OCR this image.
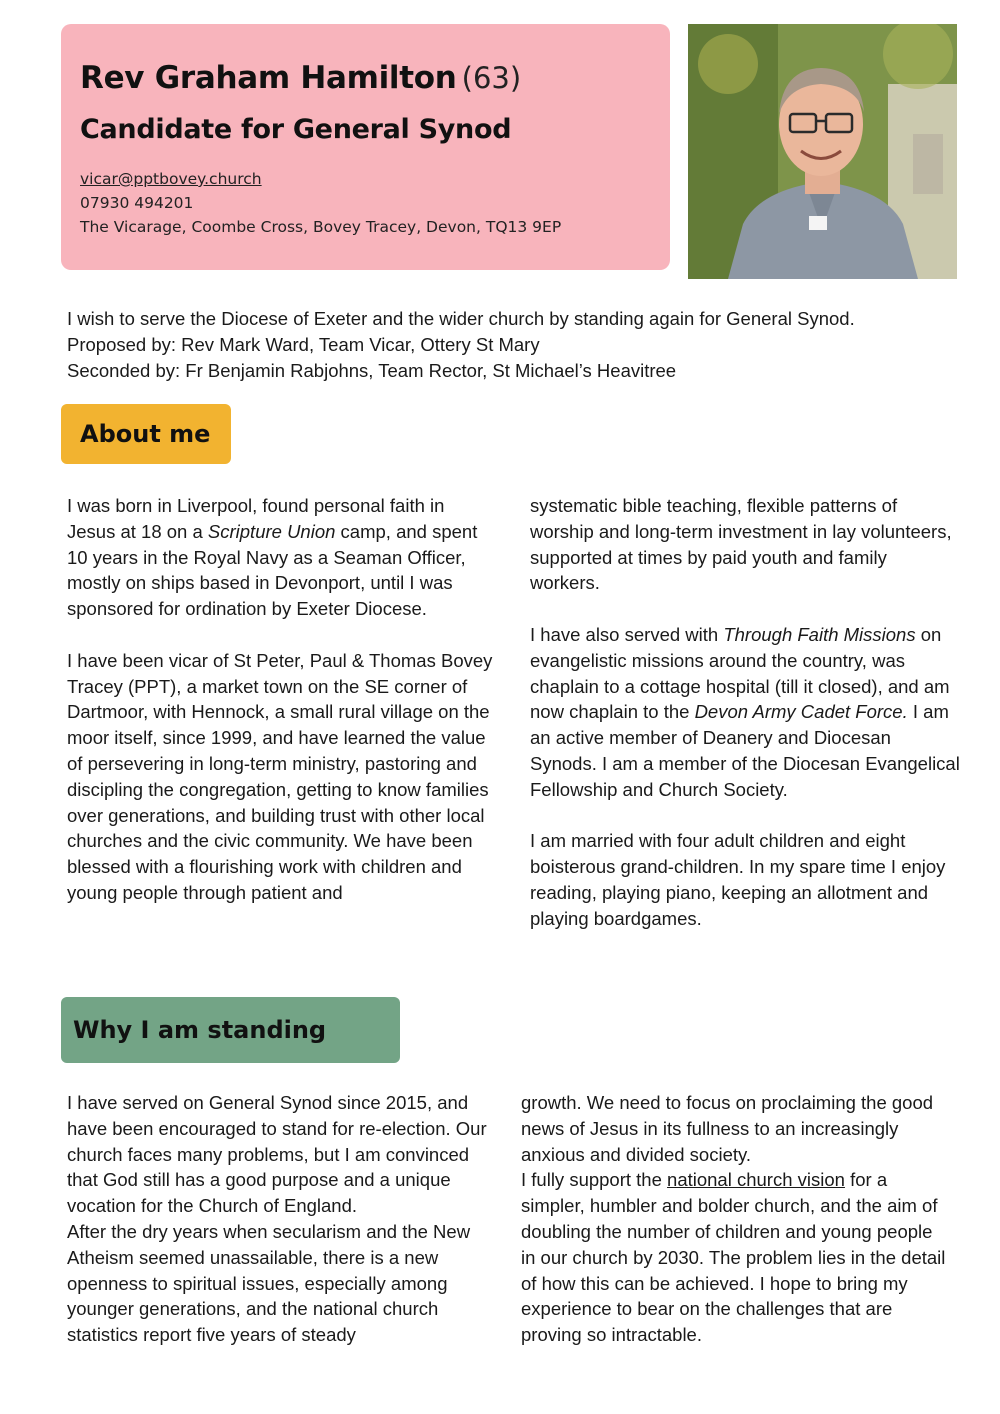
Rev Graham Hamilton (63)

Candidate for General Synod

vicar@pptbovey.church
07930 494201
The Vicarage, Coombe Cross, Bovey Tracey, Devon, TQ13 9EP

I wish to serve the Diocese of Exeter and the wider church by standing again for General Synod.

Proposed by: Rev Mark Ward, Team Vicar, Ottery St Mary

Seconded by: Fr Benjamin Rabjohns, Team Rector, St Michael’s Heavitree

About me

I was born in Liverpool, found personal faith in Jesus at 18 on a Scripture Union camp, and spent 10 years in the Royal Navy as a Seaman Officer, mostly on ships based in Devonport, until I was sponsored for ordination by Exeter Diocese.

I have been vicar of St Peter, Paul & Thomas Bovey Tracey (PPT), a market town on the SE corner of Dartmoor, with Hennock, a small rural village on the moor itself, since 1999, and have learned the value of persevering in long-term ministry, pastoring and discipling the congregation, getting to know families over generations, and building trust with other local churches and the civic community. We have been blessed with a flourishing work with children and young people through patient and

systematic bible teaching, flexible patterns of worship and long-term investment in lay volunteers, supported at times by paid youth and family workers.

I have also served with Through Faith Missions on evangelistic missions around the country, was chaplain to a cottage hospital (till it closed), and am now chaplain to the Devon Army Cadet Force. I am an active member of Deanery and Diocesan Synods. I am a member of the Diocesan Evangelical Fellowship and Church Society.

I am married with four adult children and eight boisterous grand-children. In my spare time I enjoy reading, playing piano, keeping an allotment and playing boardgames.

Why I am standing

I have served on General Synod since 2015, and have been encouraged to stand for re-election. Our church faces many problems, but I am convinced that God still has a good purpose and a unique vocation for the Church of England.

After the dry years when secularism and the New Atheism seemed unassailable, there is a new openness to spiritual issues, especially among younger generations, and the national church statistics report five years of steady

growth. We need to focus on proclaiming the good news of Jesus in its fullness to an increasingly anxious and divided society.

I fully support the national church vision for a simpler, humbler and bolder church, and the aim of doubling the number of children and young people in our church by 2030. The problem lies in the detail of how this can be achieved. I hope to bring my experience to bear on the challenges that are proving so intractable.
